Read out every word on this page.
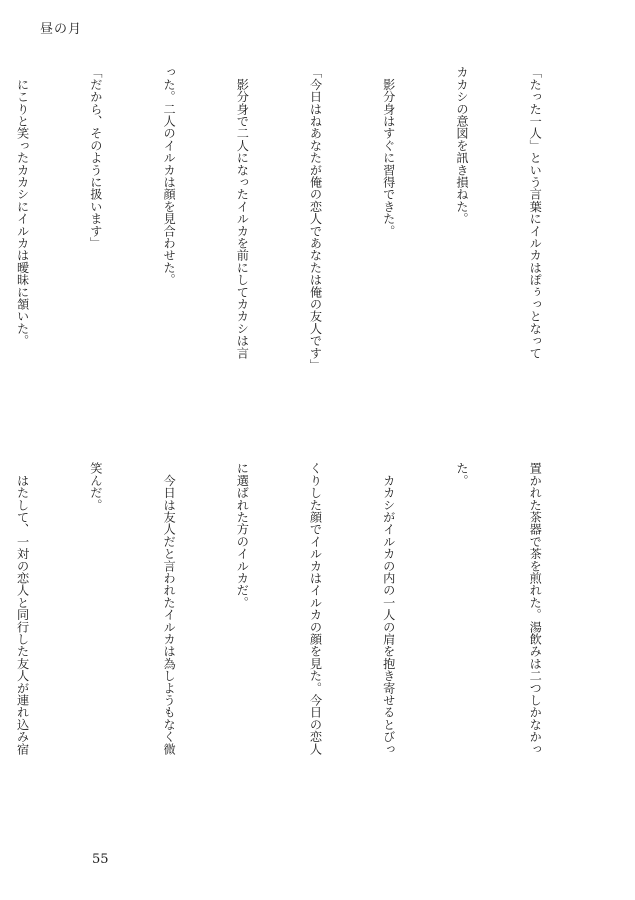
昼の月

「たった一人」という言葉にイルカはぽぅっとなって

カカシの意図を訊き損ねた。

　影分身はすぐに習得できた。

「今日はねあなたが俺の恋人であなたは俺の友人です」

　影分身で二人になったイルカを前にしてカカシは言

った。二人のイルカは顔を見合わせた。

「だから、そのように扱います」

　にこりと笑ったカカシにイルカは曖昧に頷いた。

置かれた茶器で茶を煎れた。湯飲みは二つしかなかっ

た。

　カカシがイルカの内の一人の肩を抱き寄せるとびっ

くりした顔でイルカはイルカの顔を見た。今日の恋人

に選ばれた方のイルカだ。

　今日は友人だと言われたイルカは為しようもなく微

笑んだ。

　はたして、一対の恋人と同行した友人が連れ込み宿

55
